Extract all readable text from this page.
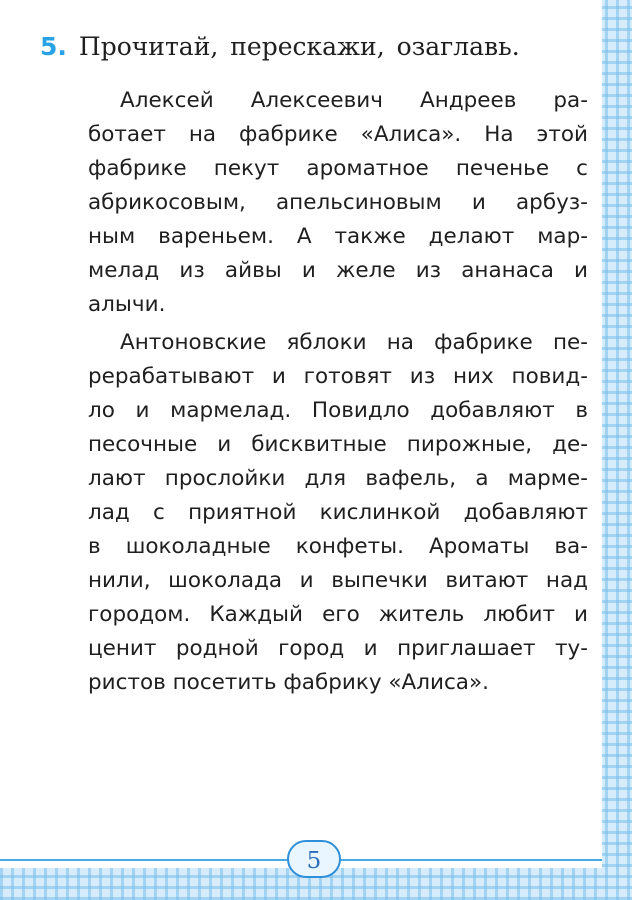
5. Прочитай, перескажи, озаглавь.
Алексей Алексеевич Андреев ра-
ботает на фабрике «Алиса». На этой
фабрике пекут ароматное печенье с
абрикосовым, апельсиновым и арбуз-
ным вареньем. А также делают мар-
мелад из айвы и желе из ананаса и
алычи.
Антоновские яблоки на фабрике пе-
рерабатывают и готовят из них повид-
ло и мармелад. Повидло добавляют в
песочные и бисквитные пирожные, де-
лают прослойки для вафель, а марме-
лад с приятной кислинкой добавляют
в шоколадные конфеты. Ароматы ва-
нили, шоколада и выпечки витают над
городом. Каждый его житель любит и
ценит родной город и приглашает ту-
ристов посетить фабрику «Алиса».
5
